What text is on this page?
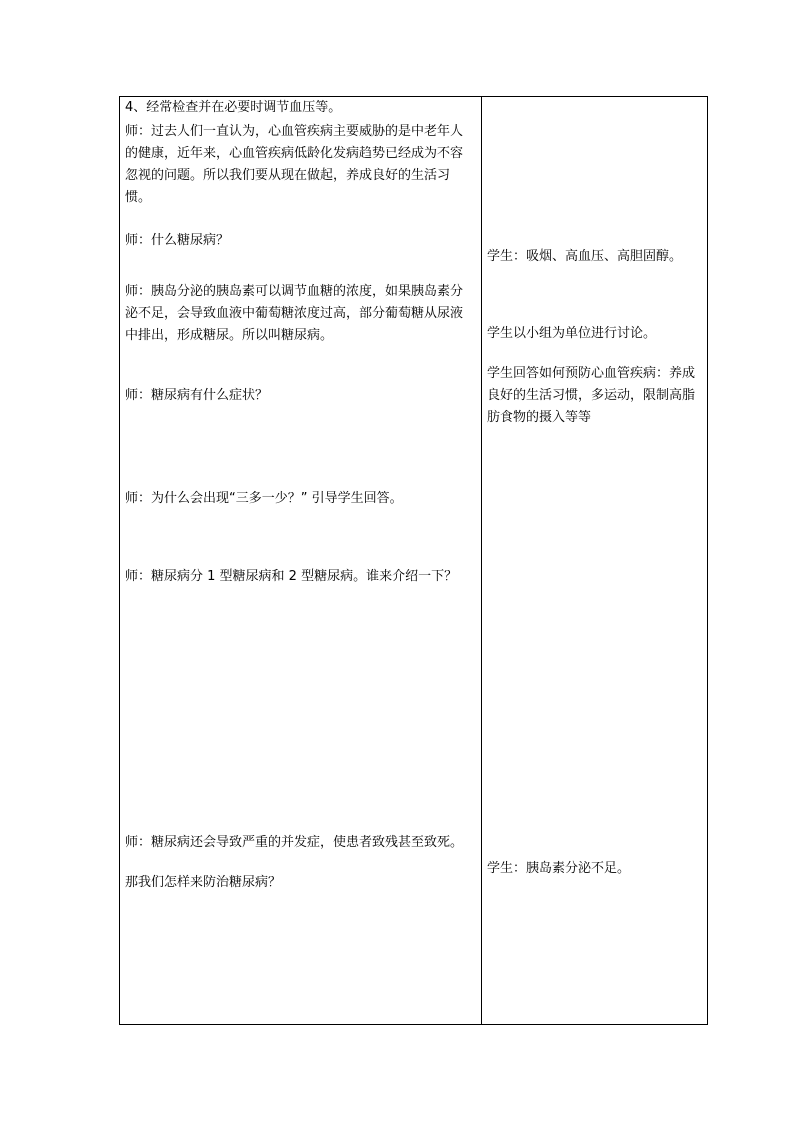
4、经常检查并在必要时调节血压等。
师：过去人们一直认为，心血管疾病主要威胁的是中老年人的健康，近年来，心血管疾病低龄化发病趋势已经成为不容忽视的问题。所以我们要从现在做起，养成良好的生活习惯。
师：什么糖尿病？
师：胰岛分泌的胰岛素可以调节血糖的浓度，如果胰岛素分泌不足，会导致血液中葡萄糖浓度过高，部分葡萄糖从尿液中排出，形成糖尿。所以叫糖尿病。
师：糖尿病有什么症状？
师：为什么会出现“三多一少？” 引导学生回答。
师：糖尿病分 1 型糖尿病和 2 型糖尿病。谁来介绍一下？
师：糖尿病还会导致严重的并发症，使患者致残甚至致死。
那我们怎样来防治糖尿病？
学生：吸烟、高血压、高胆固醇。
学生以小组为单位进行讨论。
学生回答如何预防心血管疾病：养成良好的生活习惯，多运动，限制高脂肪食物的摄入等等
学生：胰岛素分泌不足。
